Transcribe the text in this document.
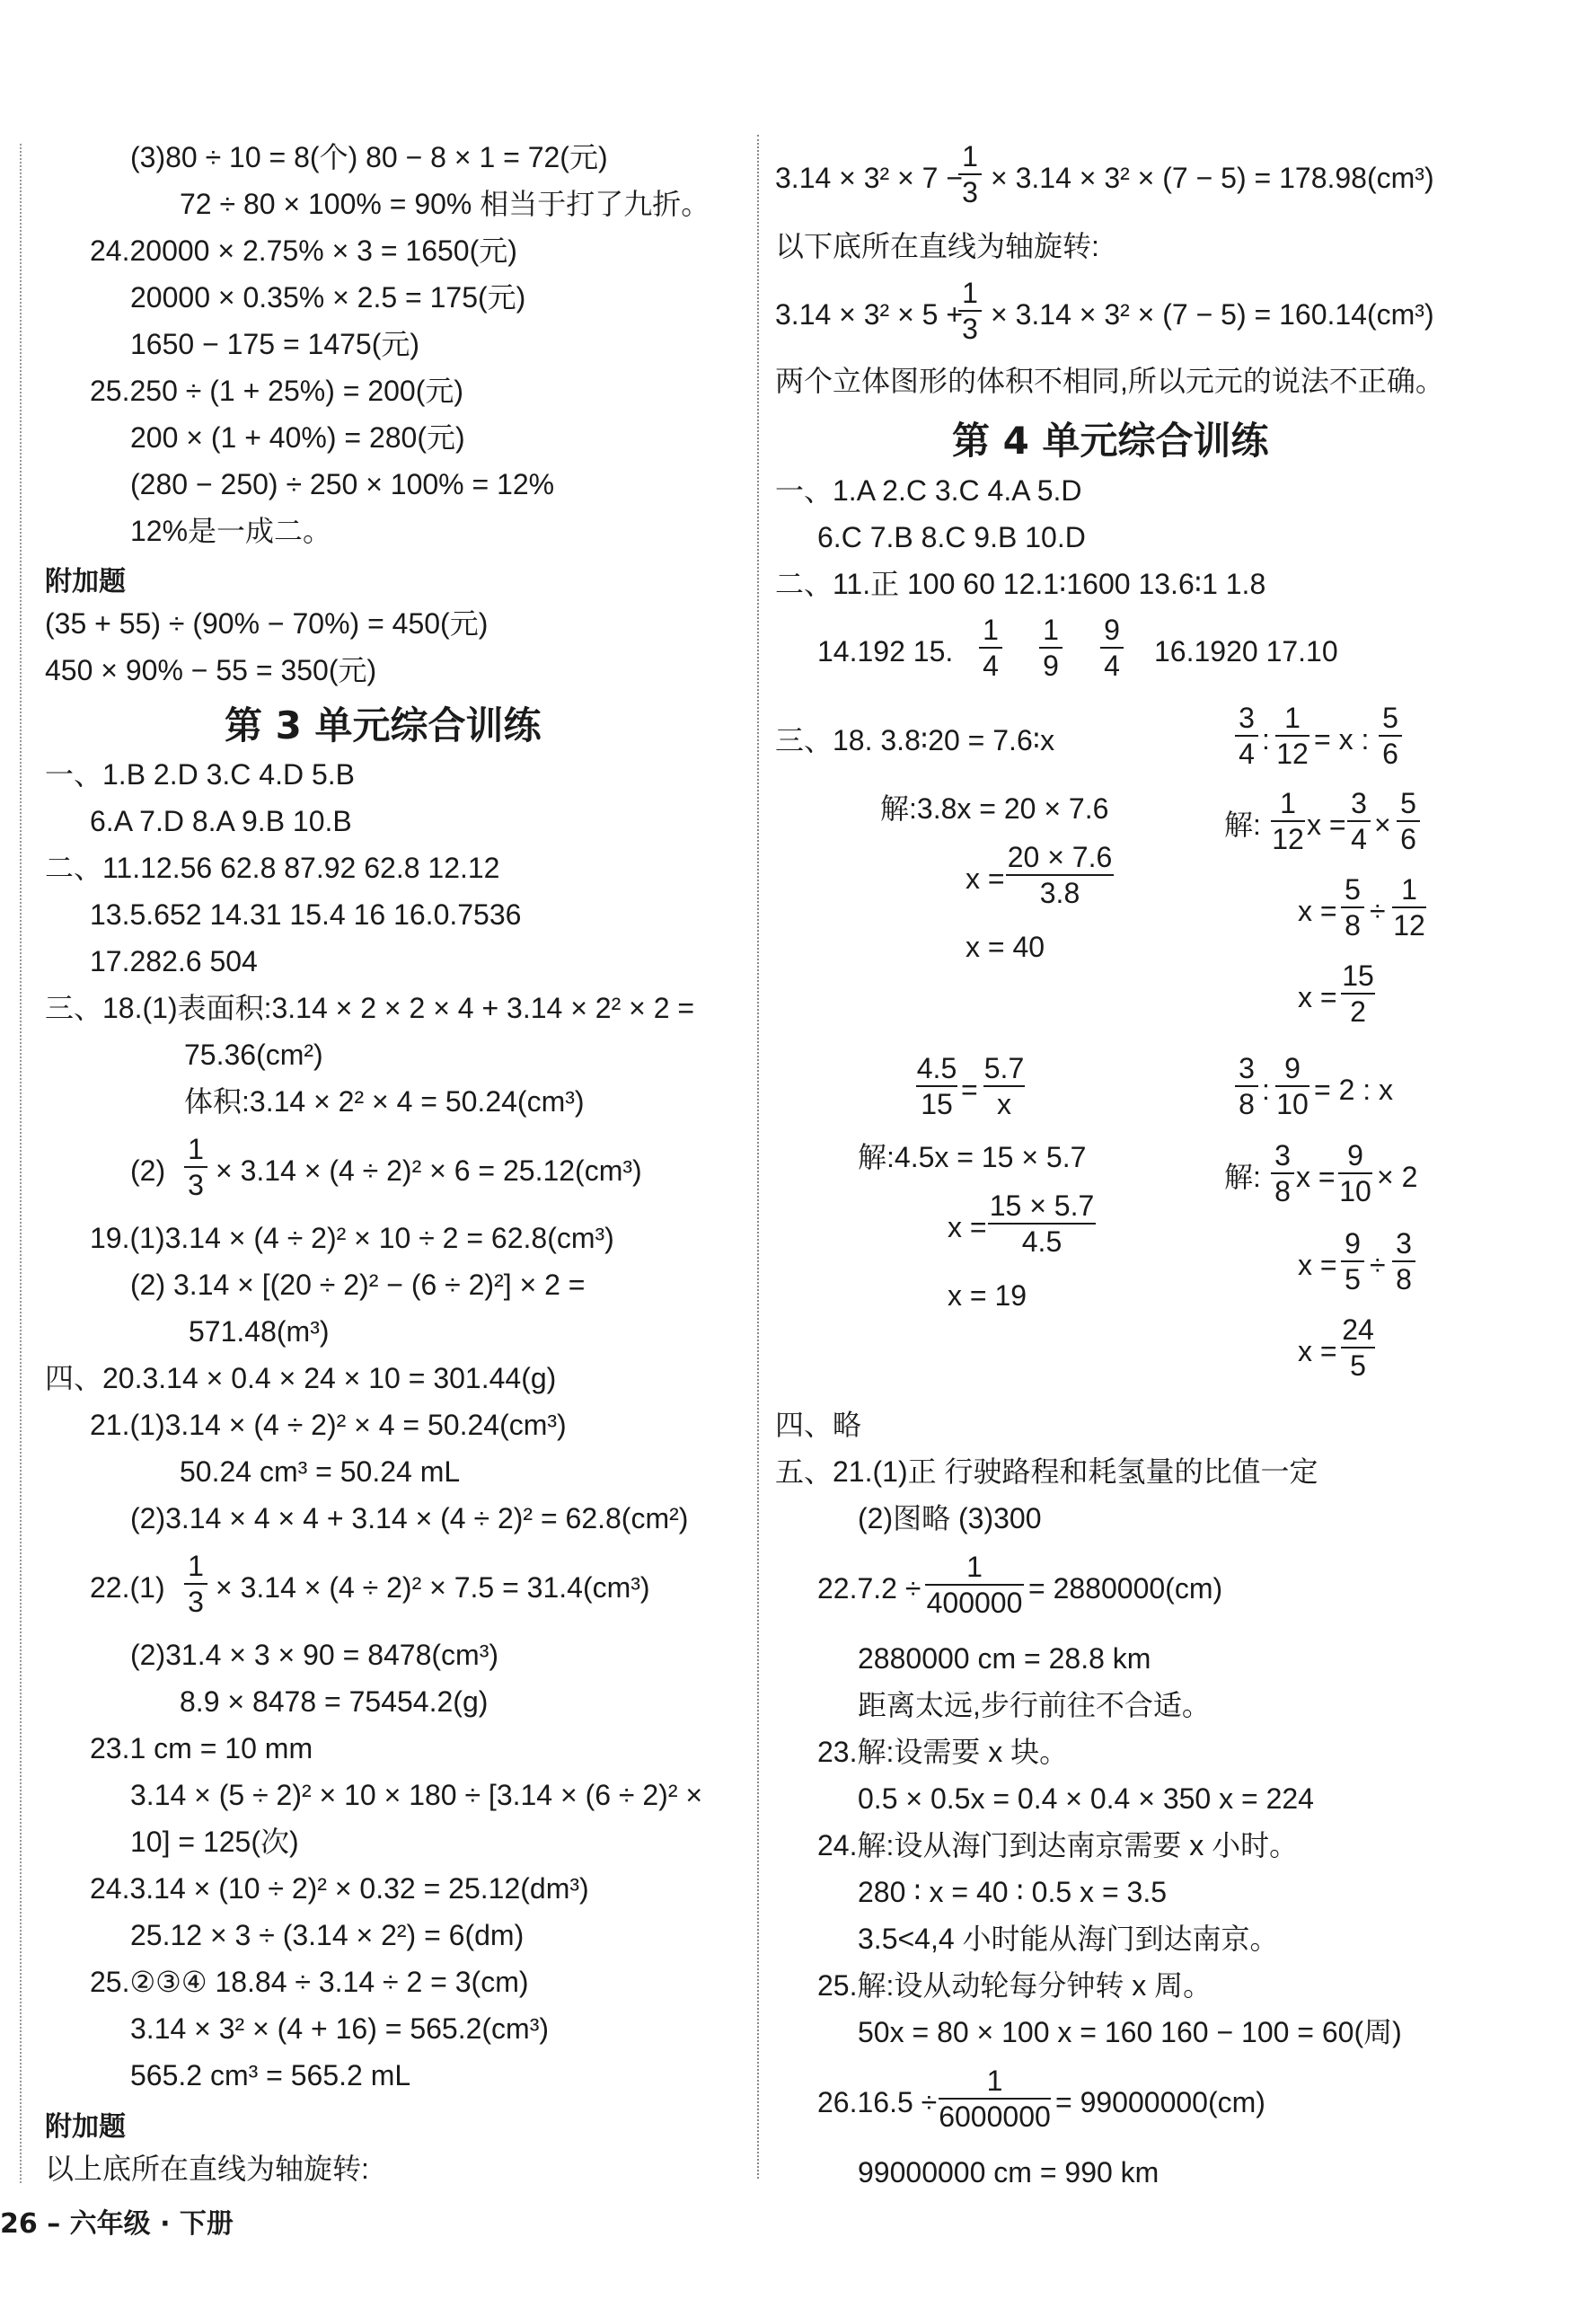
(3)80 ÷ 10 = 8(个) 80 − 8 × 1 = 72(元)
72 ÷ 80 × 100% = 90% 相当于打了九折。
24.20000 × 2.75% × 3 = 1650(元)
20000 × 0.35% × 2.5 = 175(元)
1650 − 175 = 1475(元)
25.250 ÷ (1 + 25%) = 200(元)
200 × (1 + 40%) = 280(元)
(280 − 250) ÷ 250 × 100% = 12%
12%是一成二。
附加题
(35 + 55) ÷ (90% − 70%) = 450(元)
450 × 90% − 55 = 350(元)
第 3 单元综合训练
一、1.B 2.D 3.C 4.D 5.B
6.A 7.D 8.A 9.B 10.B
二、11.12.56 62.8 87.92 62.8 12.12
13.5.652 14.31 15.4 16 16.0.7536
17.282.6 504
三、18.(1)表面积:3.14 × 2 × 2 × 4 + 3.14 × 2² × 2 =
75.36(cm²)
体积:3.14 × 2² × 4 = 50.24(cm³)
$(2) \frac{1}{3} \times 3.14 \times (4 \div 2)^2 \times 6 = 25.12(cm^3)$
19.(1)3.14 × (4 ÷ 2)² × 10 ÷ 2 = 62.8(cm³)
(2) 3.14 × [(20 ÷ 2)² − (6 ÷ 2)²] × 2 =
571.48(m³)
四、20.3.14 × 0.4 × 24 × 10 = 301.44(g)
21.(1)3.14 × (4 ÷ 2)² × 4 = 50.24(cm³)
50.24 cm³ = 50.24 mL
(2)3.14 × 4 × 4 + 3.14 × (4 ÷ 2)² = 62.8(cm²)
$22.(1) \frac{1}{3} \times 3.14 \times (4 \div 2)^2 \times 7.5 = 31.4(cm^3)$
(2)31.4 × 3 × 90 = 8478(cm³)
8.9 × 8478 = 75454.2(g)
23.1 cm = 10 mm
3.14 × (5 ÷ 2)² × 10 × 180 ÷ [3.14 × (6 ÷ 2)² ×
10] = 125(次)
24.3.14 × (10 ÷ 2)² × 0.32 = 25.12(dm³)
25.12 × 3 ÷ (3.14 × 2²) = 6(dm)
25.②③④ 18.84 ÷ 3.14 ÷ 2 = 3(cm)
3.14 × 3² × (4 + 16) = 565.2(cm³)
565.2 cm³ = 565.2 mL
附加题
以上底所在直线为轴旋转:
3.14 × 3² × 7 −
$\frac{1}{3} \times 3.14 \times 3^2 \times (7 - 5) = 178.98(cm^3)$
以下底所在直线为轴旋转:
3.14 × 3² × 5 +
$\frac{1}{3} \times 3.14 \times 3^2 \times (7 - 5) = 160.14(cm^3)$
两个立体图形的体积不相同,所以元元的说法不正确。
第 4 单元综合训练
一、1.A 2.C 3.C 4.A 5.D
6.C 7.B 8.C 9.B 10.D
二、11.正 100 60 12.1∶1600 13.6∶1 1.8
14.192 15. $\frac{1}{4} \frac{1}{9} \frac{9}{4} 16.1920$ 17.10
三、18. 3.8∶20 = 7.6∶x
解:3.8x = 20 × 7.6
$x = \frac{20 \times 7.6}{3.8}$
x = 40
$\frac{3}{4}$ : $\frac{1}{12} = x$ : $\frac{5}{6}$
解: $\frac{1}{12}$ $x = \frac{3}{4} \times \frac{5}{6}$
$x = \frac{5}{8} \div \frac{1}{12}$
$x = \frac{15}{2}$
$\frac{4.5}{15} = \frac{5.7}{x}$
解:4.5x = 15 × 5.7
$x = \frac{15 \times 5.7}{4.5}$
x = 19
$\frac{3}{8}$ : $\frac{9}{10} = 2$ : x
解: $\frac{3}{8}$ $x = \frac{9}{10} \times 2$
$x = \frac{9}{5} \div \frac{3}{8}$
$x = \frac{24}{5}$
四、略
五、21.(1)正 行驶路程和耗氢量的比值一定
(2)图略 (3)300
$22.7.2 \div \frac{1}{400000} = 2880000(cm)$
2880000 cm = 28.8 km
距离太远,步行前往不合适。
23.解:设需要 x 块。
0.5 × 0.5x = 0.4 × 0.4 × 350 x = 224
24.解:设从海门到达南京需要 x 小时。
280 ∶ x = 40 ∶ 0.5 x = 3.5
3.5<4,4 小时能从海门到达南京。
25.解:设从动轮每分钟转 x 周。
50x = 80 × 100 x = 160 160 − 100 = 60(周)
$26.16.5 \div \frac{1}{6000000} = 99000000(cm)$
99000000 cm = 990 km
26 – 六年级 · 下册
